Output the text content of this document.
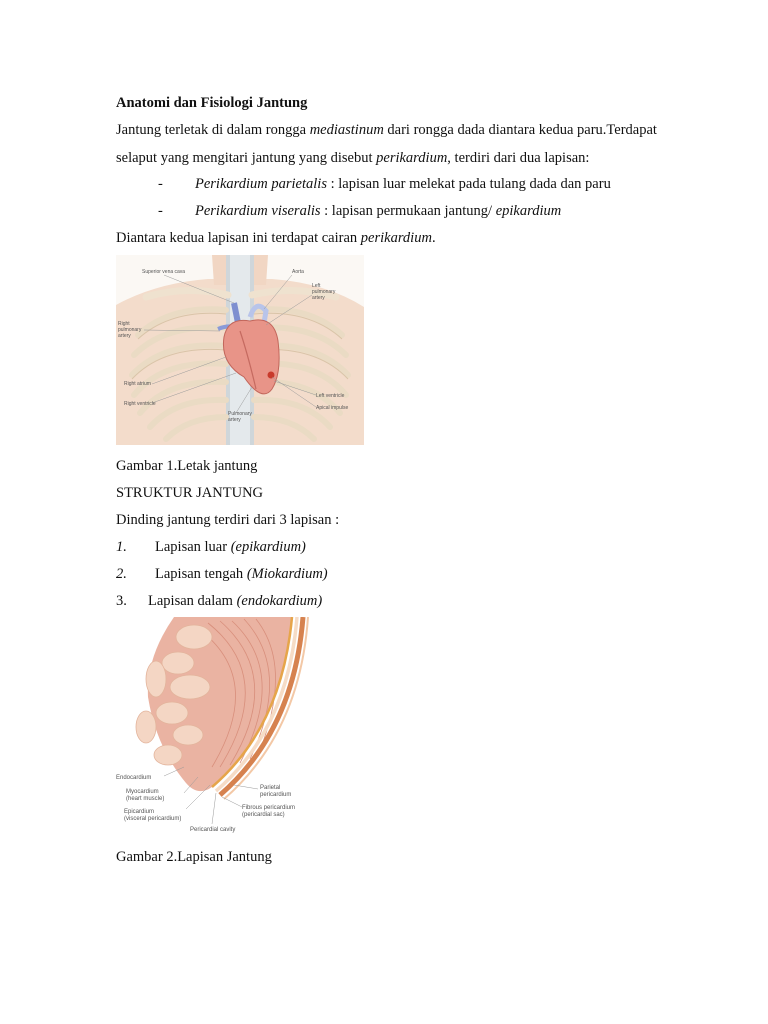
Anatomi dan Fisiologi Jantung
Jantung terletak di dalam rongga mediastinum dari rongga dada diantara kedua paru.Terdapat
selaput yang mengitari jantung yang disebut perikardium, terdiri dari dua lapisan:
- Perikardium parietalis : lapisan luar melekat pada tulang dada dan paru
- Perikardium viseralis : lapisan permukaan jantung/ epikardium
Diantara kedua lapisan ini terdapat cairan perikardium.
Superior vena cava	Aorta
Left
pulmonary
artery
Right
pulmonary
artery
Right atrium
Right ventricle
Pulmonary
artery
Left ventricle
Apical impulse
Gambar 1.Letak jantung
STRUKTUR JANTUNG
Dinding jantung terdiri dari 3 lapisan :
1. Lapisan luar (epikardium)
2. Lapisan tengah (Miokardium)
3. Lapisan dalam (endokardium)
Endocardium
Myocardium
(heart muscle)
Epicardium
(visceral pericardium)
Pericardial cavity
Parietal
pericardium
Fibrous pericardium
(pericardial sac)
Gambar 2.Lapisan Jantung
